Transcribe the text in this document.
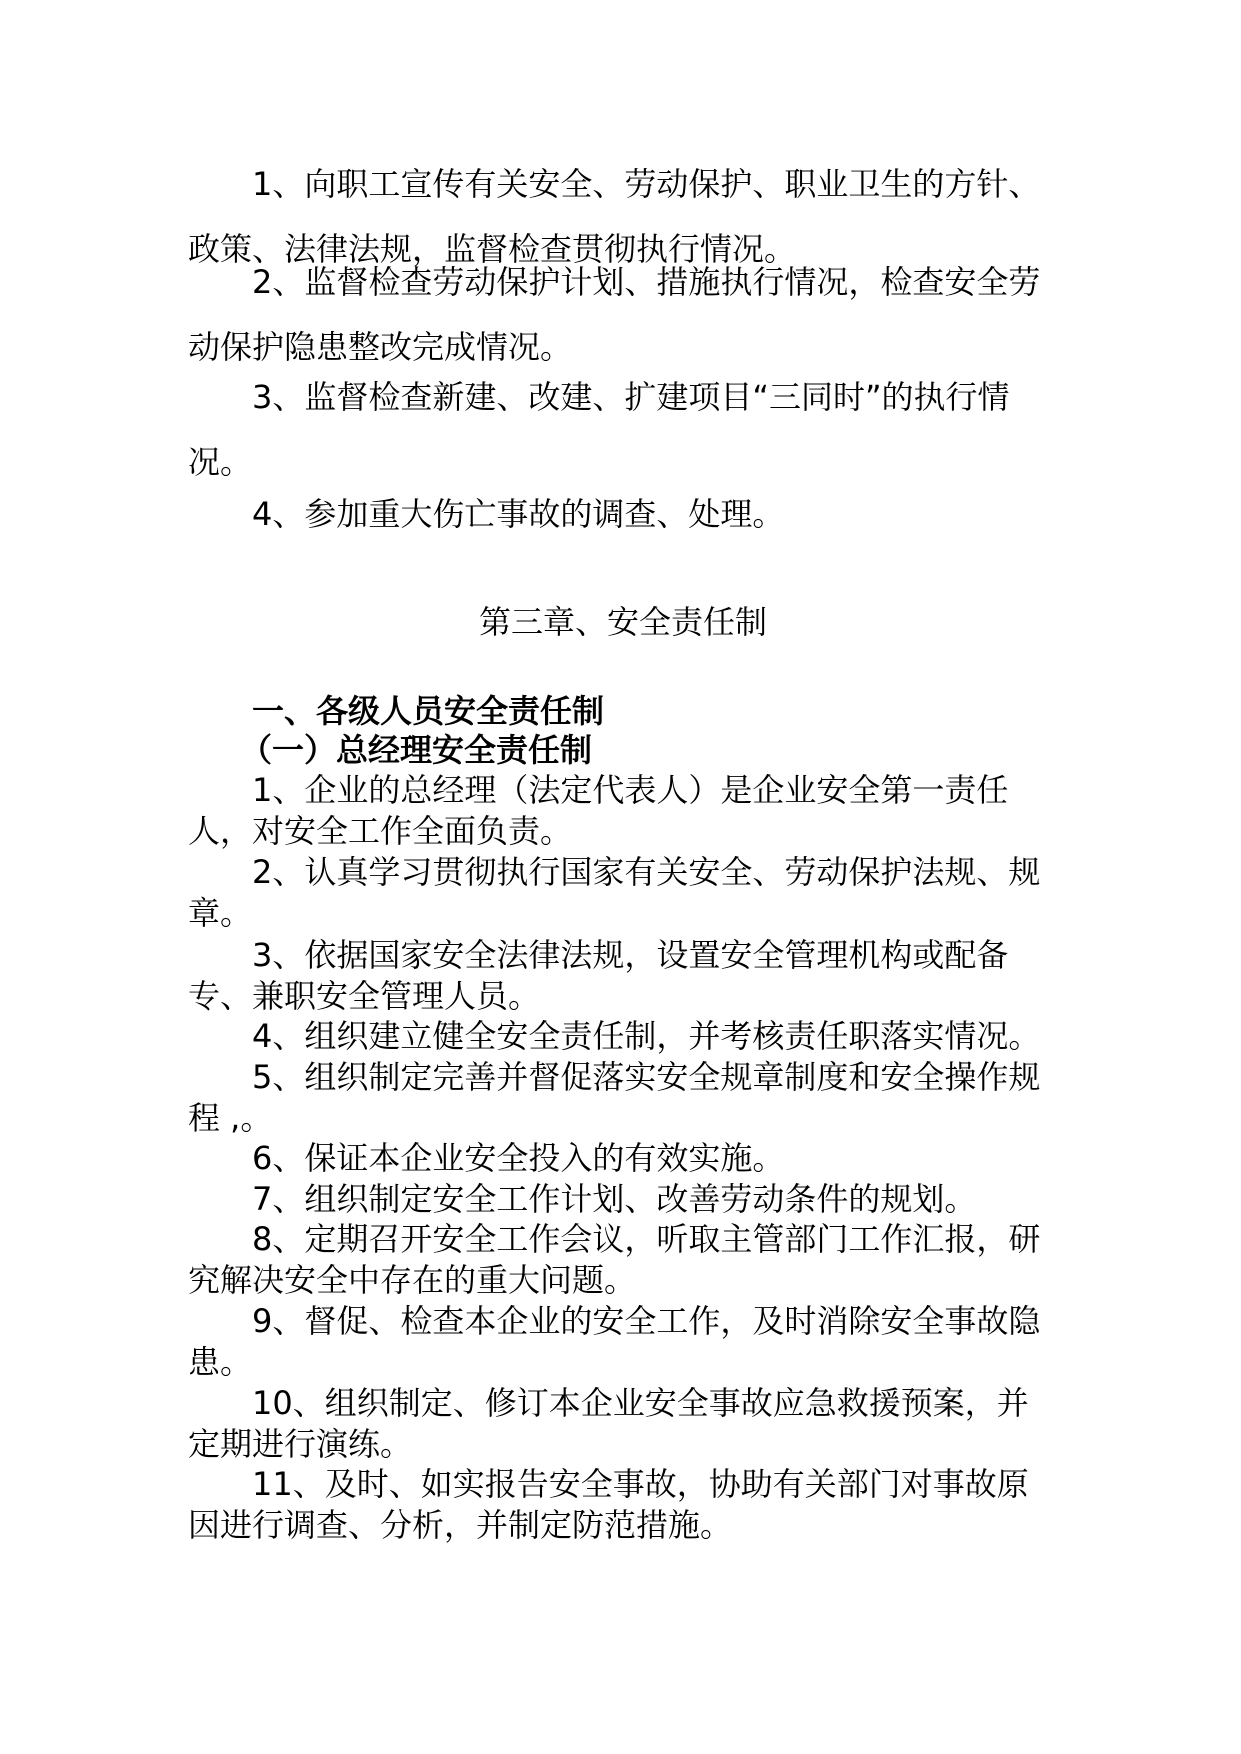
1、向职工宣传有关安全、劳动保护、职业卫生的方针、政策、法律法规，监督检查贯彻执行情况。

2、监督检查劳动保护计划、措施执行情况，检查安全劳动保护隐患整改完成情况。

3、监督检查新建、改建、扩建项目“三同时”的执行情况。

4、参加重大伤亡事故的调查、处理。

第三章、安全责任制

一、各级人员安全责任制

（一）总经理安全责任制

1、企业的总经理（法定代表人）是企业安全第一责任人，对安全工作全面负责。

2、认真学习贯彻执行国家有关安全、劳动保护法规、规章。

3、依据国家安全法律法规，设置安全管理机构或配备专、兼职安全管理人员。

4、组织建立健全安全责任制，并考核责任职落实情况。

5、组织制定完善并督促落实安全规章制度和安全操作规程 ,。

6、保证本企业安全投入的有效实施。

7、组织制定安全工作计划、改善劳动条件的规划。

8、定期召开安全工作会议，听取主管部门工作汇报，研究解决安全中存在的重大问题。

9、督促、检查本企业的安全工作，及时消除安全事故隐患。

10、组织制定、修订本企业安全事故应急救援预案，并定期进行演练。

11、及时、如实报告安全事故，协助有关部门对事故原因进行调查、分析，并制定防范措施。
